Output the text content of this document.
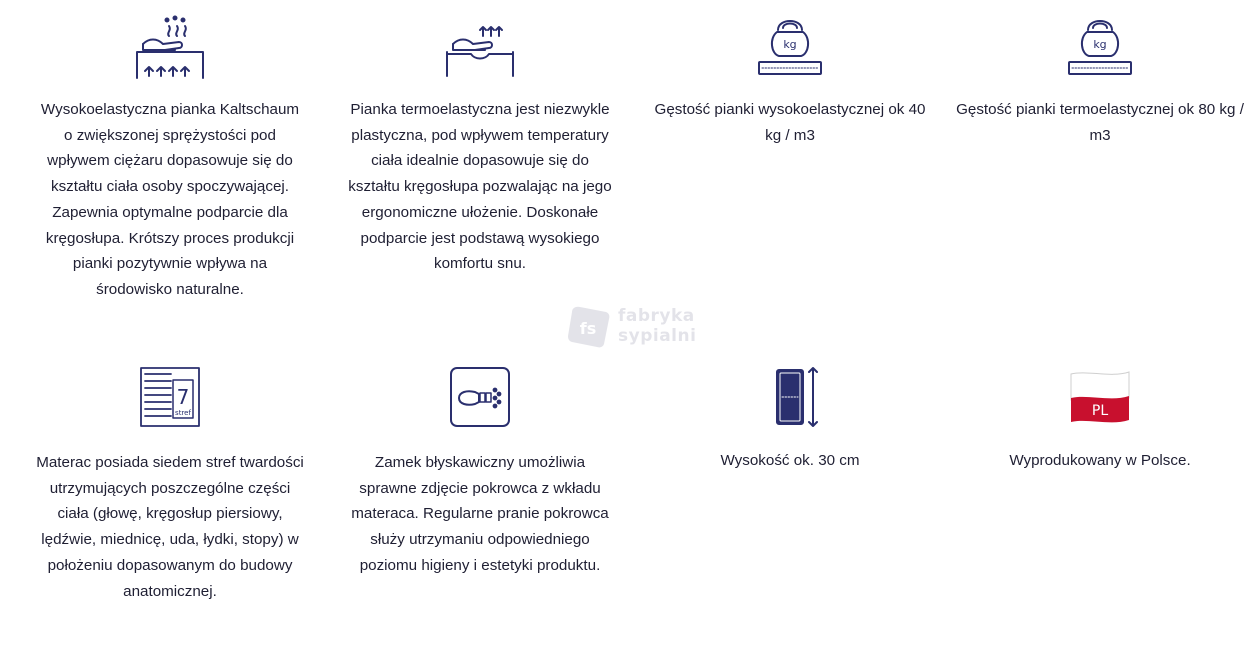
Wysokoelastyczna pianka Kaltschaum o zwiększonej sprężystości pod wpływem ciężaru dopasowuje się do kształtu ciała osoby spoczywającej. Zapewnia optymalne podparcie dla kręgosłupa. Krótszy proces produkcji pianki pozytywnie wpływa na środowisko naturalne.

Pianka termoelastyczna jest niezwykle plastyczna, pod wpływem temperatury ciała idealnie dopasowuje się do kształtu kręgosłupa pozwalając na jego ergonomiczne ułożenie. Doskonałe podparcie jest podstawą wysokiego komfortu snu.

kg

Gęstość pianki wysokoelastycznej ok 40 kg / m3

kg

Gęstość pianki termoelastycznej ok 80 kg / m3

7
stref

Materac posiada siedem stref twardości utrzymujących poszczególne części ciała (głowę, kręgosłup piersiowy, lędźwie, miednicę, uda, łydki, stopy) w położeniu dopasowanym do budowy anatomicznej.

Zamek błyskawiczny umożliwia sprawne zdjęcie pokrowca z wkładu materaca. Regularne pranie pokrowca służy utrzymaniu odpowiedniego poziomu higieny i estetyki produktu.

Wysokość ok. 30 cm

PL

Wyprodukowany w Polsce.

fs
fabryka
sypialni
